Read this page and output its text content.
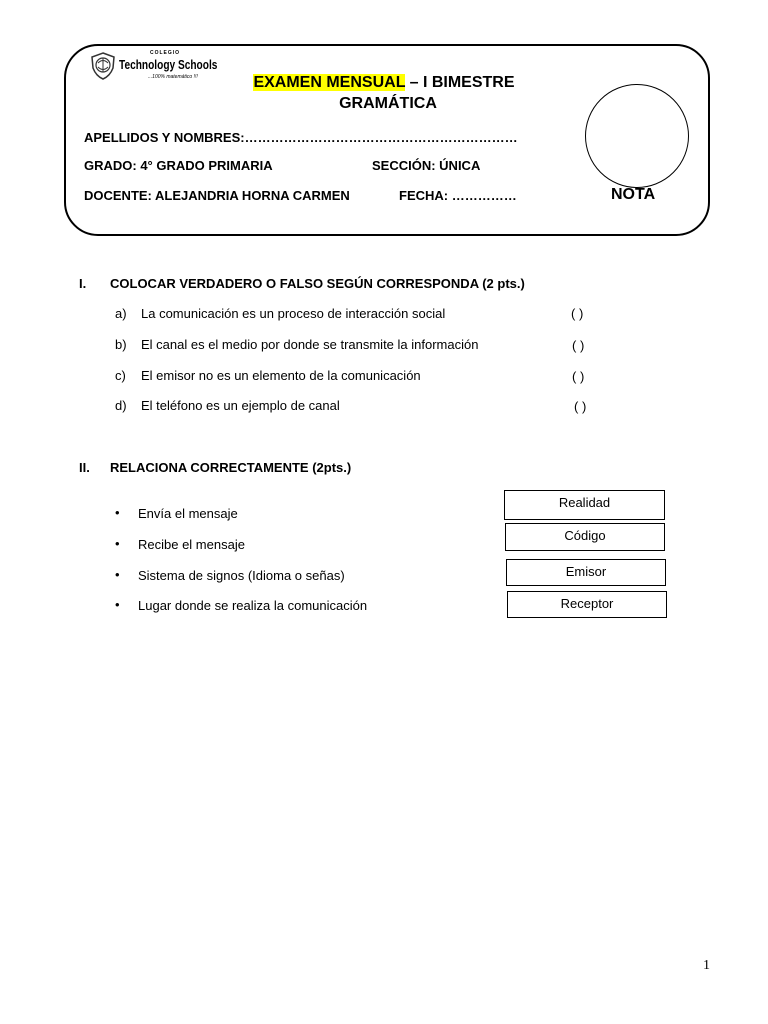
COLEGIO
Technology Schools
...100% matemático !!!	EXAMEN MENSUAL – I BIMESTRE
GRAMÁTICA
APELLIDOS Y NOMBRES:………………………………………………………
GRADO: 4° GRADO PRIMARIA	SECCIÓN: ÚNICA
DOCENTE: ALEJANDRIA HORNA CARMEN	FECHA: ……………	NOTA
I. COLOCAR VERDADERO O FALSO SEGÚN CORRESPONDA (2 pts.)
a) La comunicación es un proceso de interacción social	( )
b) El canal es el medio por donde se transmite la información	( )
c) El emisor no es un elemento de la comunicación	( )
d) El teléfono es un ejemplo de canal	( )
II. RELACIONA CORRECTAMENTE (2pts.)
• Envía el mensaje
• Recibe el mensaje
• Sistema de signos (Idioma o señas)
• Lugar donde se realiza la comunicación
Realidad
Código
Emisor
Receptor
1
